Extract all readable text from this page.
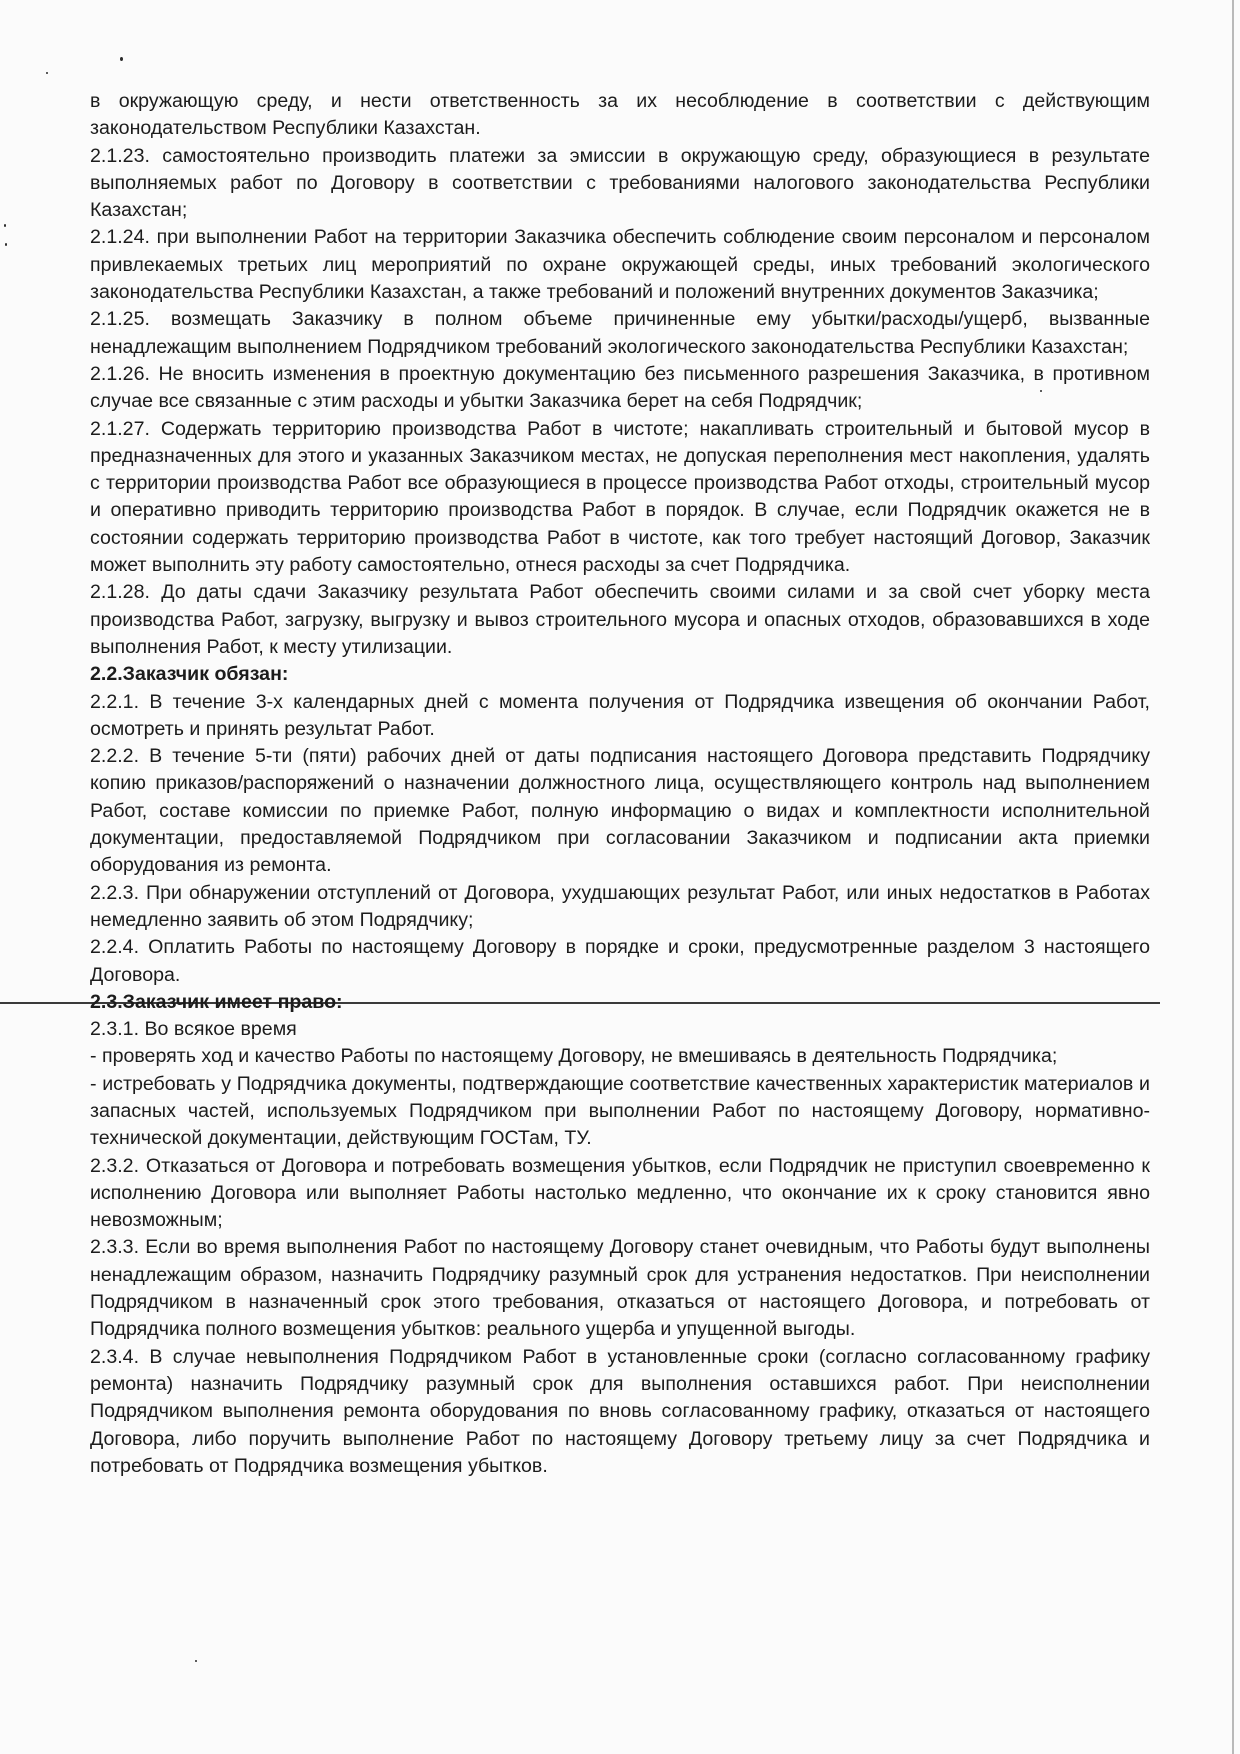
в окружающую среду, и нести ответственность за их несоблюдение в соответствии с действующим законодательством Республики Казахстан.

2.1.23. самостоятельно производить платежи за эмиссии в окружающую среду, образующиеся в результате выполняемых работ по Договору в соответствии с требованиями налогового законодательства Республики Казахстан;

2.1.24. при выполнении Работ на территории Заказчика обеспечить соблюдение своим персоналом и персоналом привлекаемых третьих лиц мероприятий по охране окружающей среды, иных требований экологического законодательства Республики Казахстан, а также требований и положений внутренних документов Заказчика;

2.1.25. возмещать Заказчику в полном объеме причиненные ему убытки/расходы/ущерб, вызванные ненадлежащим выполнением Подрядчиком требований экологического законодательства Республики Казахстан;

2.1.26. Не вносить изменения в проектную документацию без письменного разрешения Заказчика, в противном случае все связанные с этим расходы и убытки Заказчика берет на себя Подрядчик;

2.1.27. Содержать территорию производства Работ в чистоте; накапливать строительный и бытовой мусор в предназначенных для этого и указанных Заказчиком местах, не допуская переполнения мест накопления, удалять с территории производства Работ все образующиеся в процессе производства Работ отходы, строительный мусор и оперативно приводить территорию производства Работ в порядок. В случае, если Подрядчик окажется не в состоянии содержать территорию производства Работ в чистоте, как того требует настоящий Договор, Заказчик может выполнить эту работу самостоятельно, отнеся расходы за счет Подрядчика.

2.1.28. До даты сдачи Заказчику результата Работ обеспечить своими силами и за свой счет уборку места производства Работ, загрузку, выгрузку и вывоз строительного мусора и опасных отходов, образовавшихся в ходе выполнения Работ, к месту утилизации.

2.2.Заказчик обязан:

2.2.1. В течение 3-х календарных дней с момента получения от Подрядчика извещения об окончании Работ, осмотреть и принять результат Работ.

2.2.2. В течение 5-ти (пяти) рабочих дней от даты подписания настоящего Договора представить Подрядчику копию приказов/распоряжений о назначении должностного лица, осуществляющего контроль над выполнением Работ, составе комиссии по приемке Работ, полную информацию о видах и комплектности исполнительной документации, предоставляемой Подрядчиком при согласовании Заказчиком и подписании акта приемки оборудования из ремонта.

2.2.3. При обнаружении отступлений от Договора, ухудшающих результат Работ, или иных недостатков в Работах немедленно заявить об этом Подрядчику;

2.2.4. Оплатить Работы по настоящему Договору в порядке и сроки, предусмотренные разделом 3 настоящего Договора.

2.3.Заказчик имеет право:

2.3.1. Во всякое время

- проверять ход и качество Работы по настоящему Договору, не вмешиваясь в деятельность Подрядчика;

- истребовать у Подрядчика документы, подтверждающие соответствие качественных характеристик материалов и запасных частей, используемых Подрядчиком при выполнении Работ по настоящему Договору, нормативно-технической документации, действующим ГОСТам, ТУ.

2.3.2. Отказаться от Договора и потребовать возмещения убытков, если Подрядчик не приступил своевременно к исполнению Договора или выполняет Работы настолько медленно, что окончание их к сроку становится явно невозможным;

2.3.3. Если во время выполнения Работ по настоящему Договору станет очевидным, что Работы будут выполнены ненадлежащим образом, назначить Подрядчику разумный срок для устранения недостатков. При неисполнении Подрядчиком в назначенный срок этого требования, отказаться от настоящего Договора, и потребовать от Подрядчика полного возмещения убытков: реального ущерба и упущенной выгоды.

2.3.4. В случае невыполнения Подрядчиком Работ в установленные сроки (согласно согласованному графику ремонта) назначить Подрядчику разумный срок для выполнения оставшихся работ. При неисполнении Подрядчиком выполнения ремонта оборудования по вновь согласованному графику, отказаться от настоящего Договора, либо поручить выполнение Работ по настоящему Договору третьему лицу за счет Подрядчика и потребовать от Подрядчика возмещения убытков.
